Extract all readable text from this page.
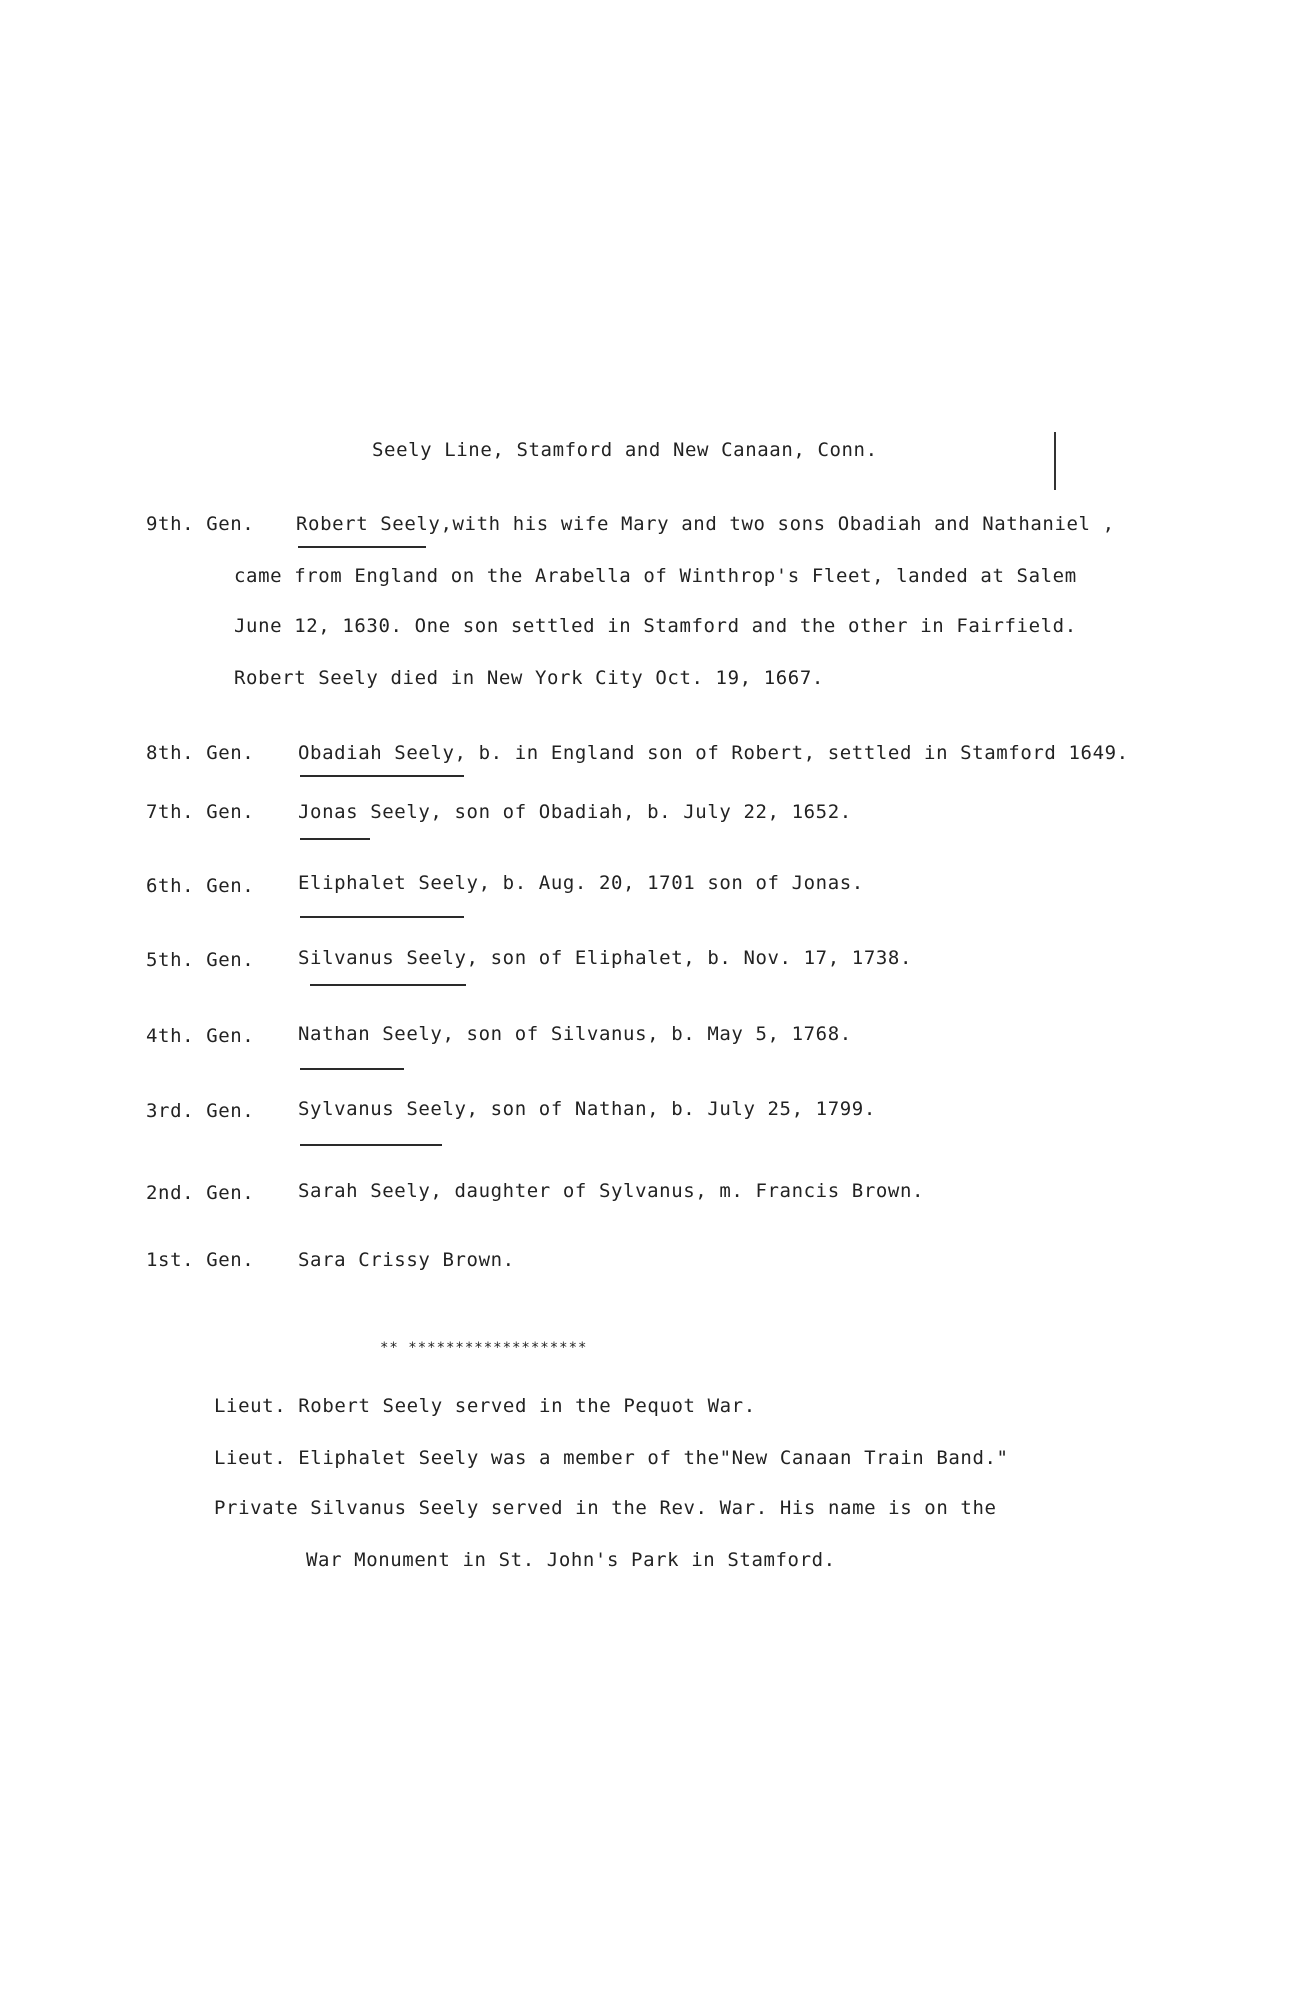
Seely Line, Stamford and New Canaan, Conn.

9th. Gen. Robert Seely,with his wife Mary and two sons Obadiah and Nathaniel ,

came from England on the Arabella of Winthrop's Fleet, landed at Salem

June 12, 1630. One son settled in Stamford and the other in Fairfield.

Robert Seely died in New York City Oct. 19, 1667.

8th. Gen. Obadiah Seely, b. in England son of Robert, settled in Stamford 1649.

7th. Gen. Jonas Seely, son of Obadiah, b. July 22, 1652.

6th. Gen. Eliphalet Seely, b. Aug. 20, 1701 son of Jonas.

5th. Gen. Silvanus Seely, son of Eliphalet, b. Nov. 17, 1738.

4th. Gen. Nathan Seely, son of Silvanus, b. May 5, 1768.

3rd. Gen. Sylvanus Seely, son of Nathan, b. July 25, 1799.

2nd. Gen. Sarah Seely, daughter of Sylvanus, m. Francis Brown.

1st. Gen. Sara Crissy Brown.

** *******************

Lieut. Robert Seely served in the Pequot War.

Lieut. Eliphalet Seely was a member of the"New Canaan Train Band."

Private Silvanus Seely served in the Rev. War. His name is on the

War Monument in St. John's Park in Stamford.
